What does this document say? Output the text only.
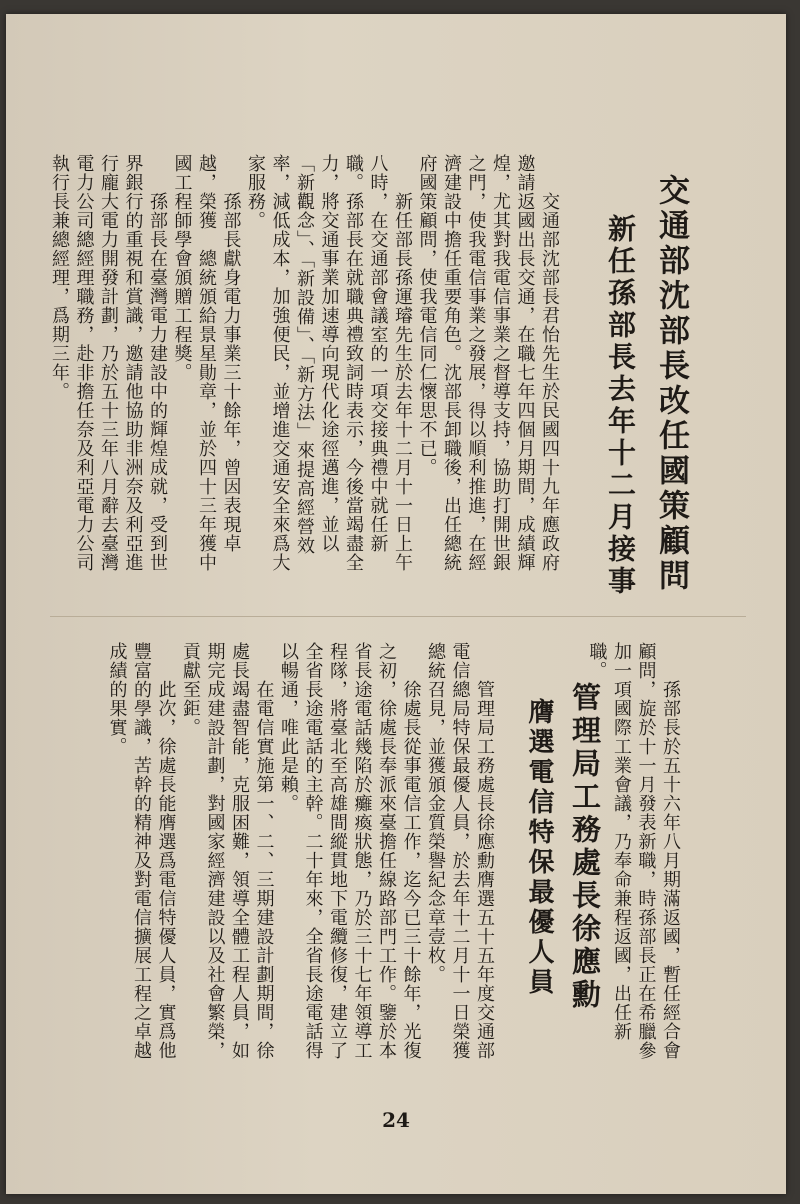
交通部沈部長改任國策顧問
新任孫部長去年十二月接事
　　交通部沈部長君怡先生於民國四十九年應政府邀請返國出長交通，在職七年四個月期間，成績輝煌，尤其對我電信事業之督導支持，協助打開世銀之門，使我電信事業之發展，得以順利推進，在經濟建設中擔任重要角色。沈部長卸職後，出任總統府國策顧問，使我電信同仁懷思不已。
　　新任部長孫運璿先生於去年十二月十一日上午八時，在交通部會議室的一項交接典禮中就任新職。孫部長在就職典禮致詞時表示，今後當竭盡全力，將交通事業加速導向現代化途徑邁進，並以「新觀念」、「新設備」、「新方法」來提高經營效率，減低成本，加強便民，並增進交通安全來爲大家服務。
　　孫部長獻身電力事業三十餘年，曾因表現卓越，榮獲　總統頒給景星勛章，並於四十三年獲中國工程師學會頒贈工程獎。
　　孫部長在臺灣電力建設中的輝煌成就，受到世界銀行的重視和賞識，邀請他協助非洲奈及利亞進行龐大電力開發計劃，乃於五十三年八月辭去臺灣電力公司總經理職務，赴非擔任奈及利亞電力公司執行長兼總經理，爲期三年。
　　孫部長於五十六年八月期滿返國，暫任經合會顧問，旋於十一月發表新職，時孫部長正在希臘參加一項國際工業會議，乃奉命兼程返國，出任新職。
管理局工務處長徐應勳
膺選電信特保最優人員
　　管理局工務處長徐應勳膺選五十五年度交通部電信總局特保最優人員，於去年十二月十一日榮獲總統召見，並獲頒金質榮譽紀念章壹枚。
　　徐處長從事電信工作，迄今已三十餘年，光復之初，徐處長奉派來臺擔任線路部門工作。鑒於本省長途電話幾陷於癱瘓狀態，乃於三十七年領導工程隊，將臺北至高雄間縱貫地下電纜修復，建立了全省長途電話的主幹。二十年來，全省長途電話得以暢通，唯此是賴。
　　在電信實施第一、二、三期建設計劃期間，徐處長竭盡智能，克服困難，領導全體工程人員，如期完成建設計劃，對國家經濟建設以及社會繁榮，貢獻至鉅。
　　此次，徐處長能膺選爲電信特優人員，實爲他豐富的學識，苦幹的精神及對電信擴展工程之卓越成績的果實。
24
